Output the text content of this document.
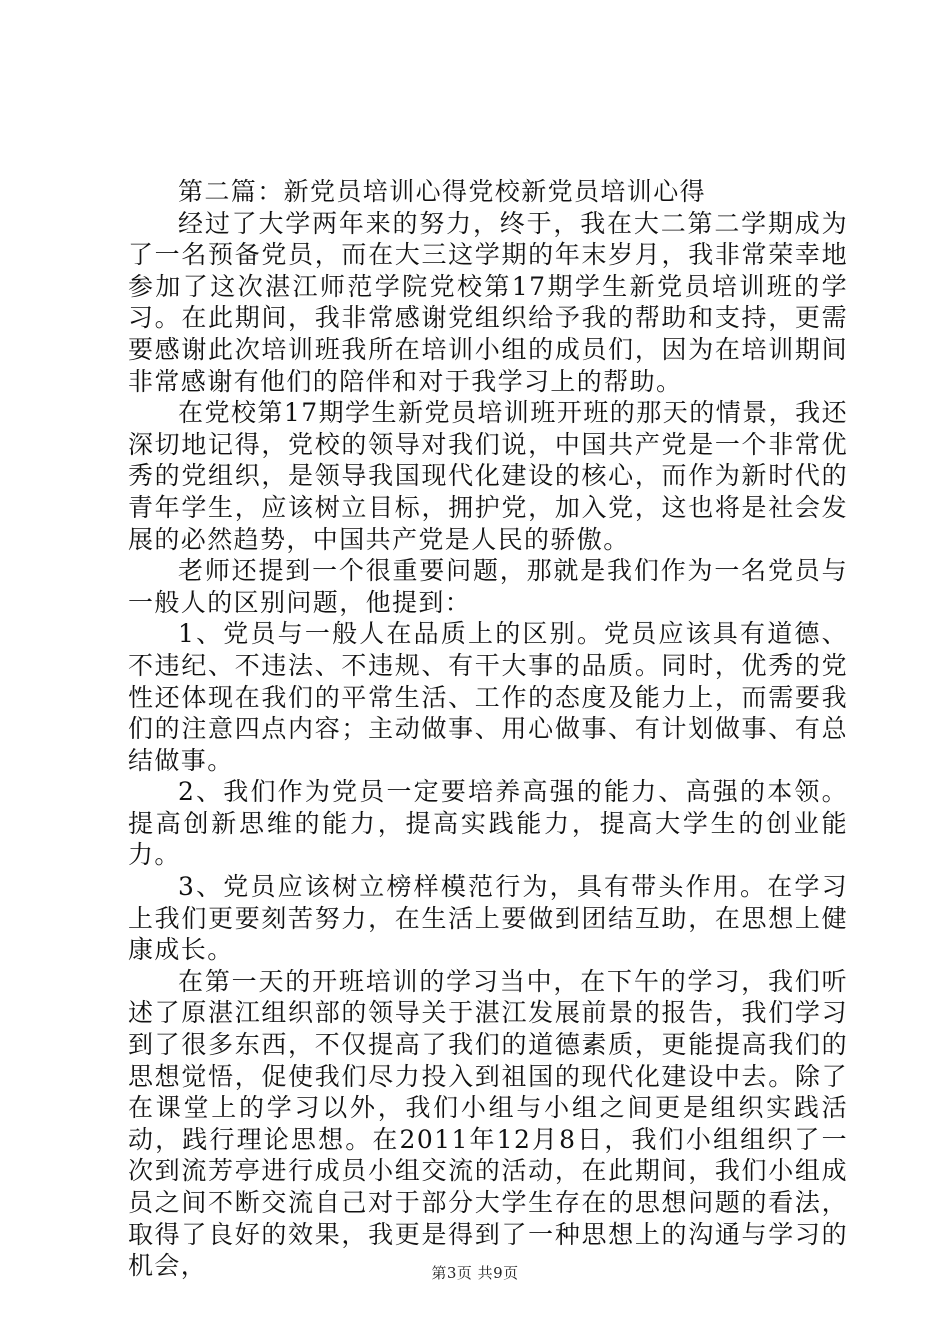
第二篇：新党员培训心得党校新党员培训心得

经过了大学两年来的努力，终于，我在大二第二学期成为了一名预备党员，而在大三这学期的年末岁月，我非常荣幸地参加了这次湛江师范学院党校第17期学生新党员培训班的学习。在此期间，我非常感谢党组织给予我的帮助和支持，更需要感谢此次培训班我所在培训小组的成员们，因为在培训期间非常感谢有他们的陪伴和对于我学习上的帮助。

在党校第17期学生新党员培训班开班的那天的情景，我还深切地记得，党校的领导对我们说，中国共产党是一个非常优秀的党组织，是领导我国现代化建设的核心，而作为新时代的青年学生，应该树立目标，拥护党，加入党，这也将是社会发展的必然趋势，中国共产党是人民的骄傲。

老师还提到一个很重要问题，那就是我们作为一名党员与一般人的区别问题，他提到：

1、党员与一般人在品质上的区别。党员应该具有道德、不违纪、不违法、不违规、有干大事的品质。同时，优秀的党性还体现在我们的平常生活、工作的态度及能力上，而需要我们的注意四点内容；主动做事、用心做事、有计划做事、有总结做事。

2、我们作为党员一定要培养高强的能力、高强的本领。提高创新思维的能力，提高实践能力，提高大学生的创业能力。

3、党员应该树立榜样模范行为，具有带头作用。在学习上我们更要刻苦努力，在生活上要做到团结互助，在思想上健康成长。

在第一天的开班培训的学习当中，在下午的学习，我们听述了原湛江组织部的领导关于湛江发展前景的报告，我们学习到了很多东西，不仅提高了我们的道德素质，更能提高我们的思想觉悟，促使我们尽力投入到祖国的现代化建设中去。除了在课堂上的学习以外，我们小组与小组之间更是组织实践活动，践行理论思想。在2011年12月8日，我们小组组织了一次到流芳亭进行成员小组交流的活动，在此期间，我们小组成员之间不断交流自己对于部分大学生存在的思想问题的看法，取得了良好的效果，我更是得到了一种思想上的沟通与学习的机会，	第3页 共9页
